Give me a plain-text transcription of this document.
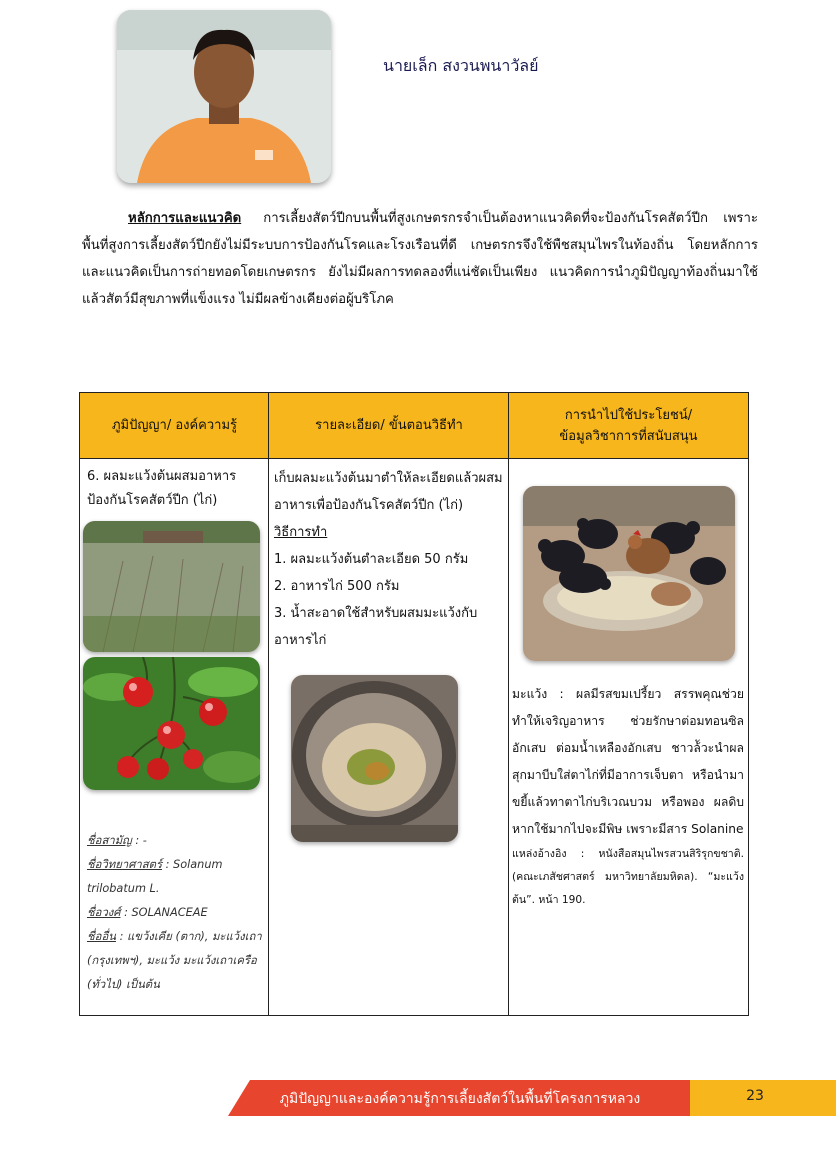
นายเล็ก สงวนพนาวัลย์

หลักการและแนวคิด การเลี้ยงสัตว์ปีกบนพื้นที่สูงเกษตรกรจำเป็นต้องหาแนวคิดที่จะป้องกันโรคสัตว์ปีก เพราะพื้นที่สูงการเลี้ยงสัตว์ปีกยังไม่มีระบบการป้องกันโรคและโรงเรือนที่ดี เกษตรกรจึงใช้พืชสมุนไพรในท้องถิ่น โดยหลักการและแนวคิดเป็นการถ่ายทอดโดยเกษตรกร ยังไม่มีผลการทดลองที่แน่ชัดเป็นเพียง แนวคิดการนำภูมิปัญญาท้องถิ่นมาใช้ แล้วสัตว์มีสุขภาพที่แข็งแรง ไม่มีผลข้างเคียงต่อผู้บริโภค

ภูมิปัญญา/ องค์ความรู้	รายละเอียด/ ขั้นตอนวิธีทำ
การนำไปใช้ประโยชน์/
ข้อมูลวิชาการที่สนับสนุน
6. ผลมะแว้งต้นผสมอาหารป้องกันโรคสัตว์ปีก (ไก่)
ชื่อสามัญ : -
ชื่อวิทยาศาสตร์ : Solanum trilobatum L.
ชื่อวงศ์ : SOLANACEAE
ชื่ออื่น : แขว้งเคีย (ตาก), มะแว้งเถา (กรุงเทพฯ), มะแว้ง มะแว้งเถาเครือ (ทั่วไป) เป็นต้น
เก็บผลมะแว้งต้นมาตำให้ละเอียดแล้วผสมอาหารเพื่อป้องกันโรคสัตว์ปีก (ไก่)
วิธีการทำ
1. ผลมะแว้งต้นตำละเอียด 50 กรัม
2. อาหารไก่ 500 กรัม
3. น้ำสะอาดใช้สำหรับผสมมะแว้งกับอาหารไก่
มะแว้ง : ผลมีรสขมเปรี้ยว สรรพคุณช่วยทำให้เจริญอาหาร ช่วยรักษาต่อมทอนซิลอักเสบ ต่อมน้ำเหลืองอักเสบ ชาวล้ัวะนำผลสุกมาบีบใส่ตาไก่ที่มีอาการเจ็บตา หรือนำมาขยี้แล้วทาตาไก่บริเวณบวม หรือพอง ผลดิบหากใช้มากไปจะมีพิษ เพราะมีสาร Solanine
แหล่งอ้างอิง : หนังสือสมุนไพรสวนสิริรุกขชาติ. (คณะเภสัชศาสตร์ มหาวิทยาลัยมหิดล). “มะแว้งต้น”. หน้า 190.
ภูมิปัญญาและองค์ความรู้การเลี้ยงสัตว์ในพื้นที่โครงการหลวง	23
